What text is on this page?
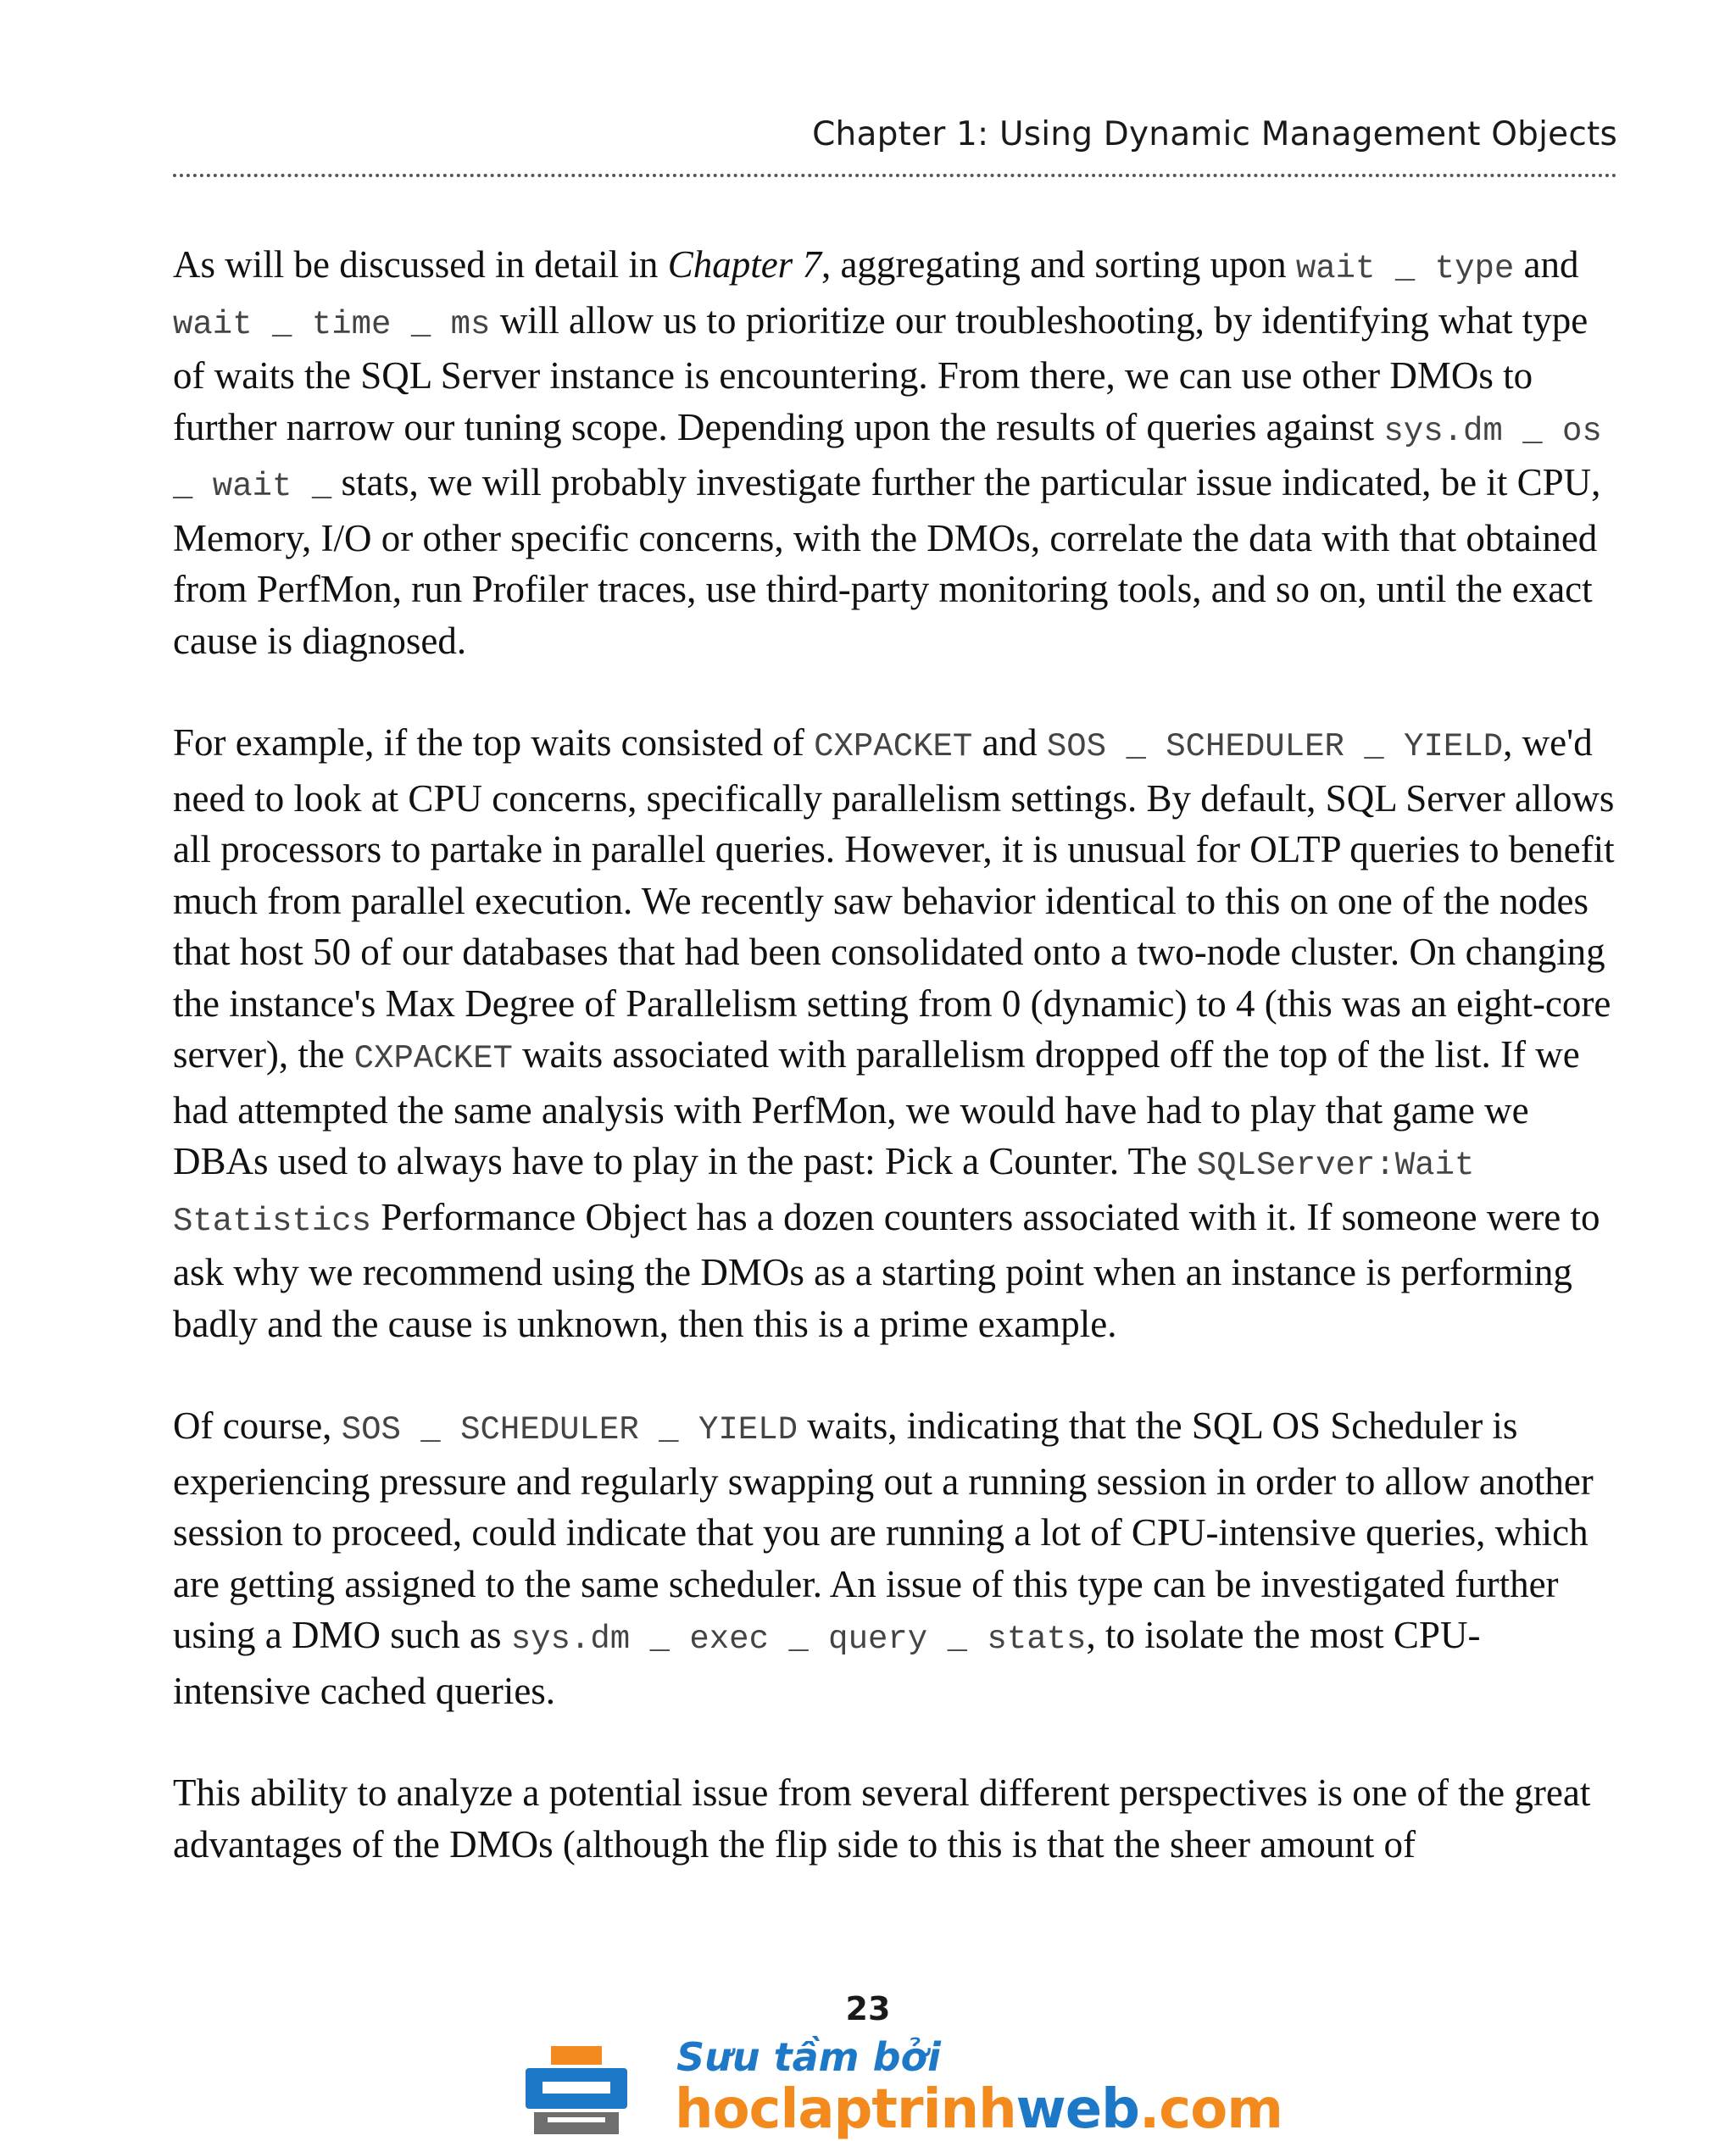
Chapter 1: Using Dynamic Management Objects

As will be discussed in detail in Chapter 7, aggregating and sorting upon wait _ type and wait _ time _ ms will allow us to prioritize our troubleshooting, by identifying what type of waits the SQL Server instance is encountering. From there, we can use other DMOs to further narrow our tuning scope. Depending upon the results of queries against sys.dm _ os _ wait _ stats, we will probably investigate further the particular issue indicated, be it CPU, Memory, I/O or other specific concerns, with the DMOs, correlate the data with that obtained from PerfMon, run Profiler traces, use third-party monitoring tools, and so on, until the exact cause is diagnosed.

For example, if the top waits consisted of CXPACKET and SOS _ SCHEDULER _ YIELD, we'd need to look at CPU concerns, specifically parallelism settings. By default, SQL Server allows all processors to partake in parallel queries. However, it is unusual for OLTP queries to benefit much from parallel execution. We recently saw behavior identical to this on one of the nodes that host 50 of our databases that had been consolidated onto a two-node cluster. On changing the instance's Max Degree of Parallelism setting from 0 (dynamic) to 4 (this was an eight-core server), the CXPACKET waits associated with parallelism dropped off the top of the list. If we had attempted the same analysis with PerfMon, we would have had to play that game we DBAs used to always have to play in the past: Pick a Counter. The SQLServer:Wait Statistics Performance Object has a dozen counters associated with it. If someone were to ask why we recommend using the DMOs as a starting point when an instance is performing badly and the cause is unknown, then this is a prime example.

Of course, SOS _ SCHEDULER _ YIELD waits, indicating that the SQL OS Scheduler is experiencing pressure and regularly swapping out a running session in order to allow another session to proceed, could indicate that you are running a lot of CPU-intensive queries, which are getting assigned to the same scheduler. An issue of this type can be investigated further using a DMO such as sys.dm _ exec _ query _ stats, to isolate the most CPU-intensive cached queries.

This ability to analyze a potential issue from several different perspectives is one of the great advantages of the DMOs (although the flip side to this is that the sheer amount of

23
Sưu tầm bởi
hoclaptrinhweb.com
